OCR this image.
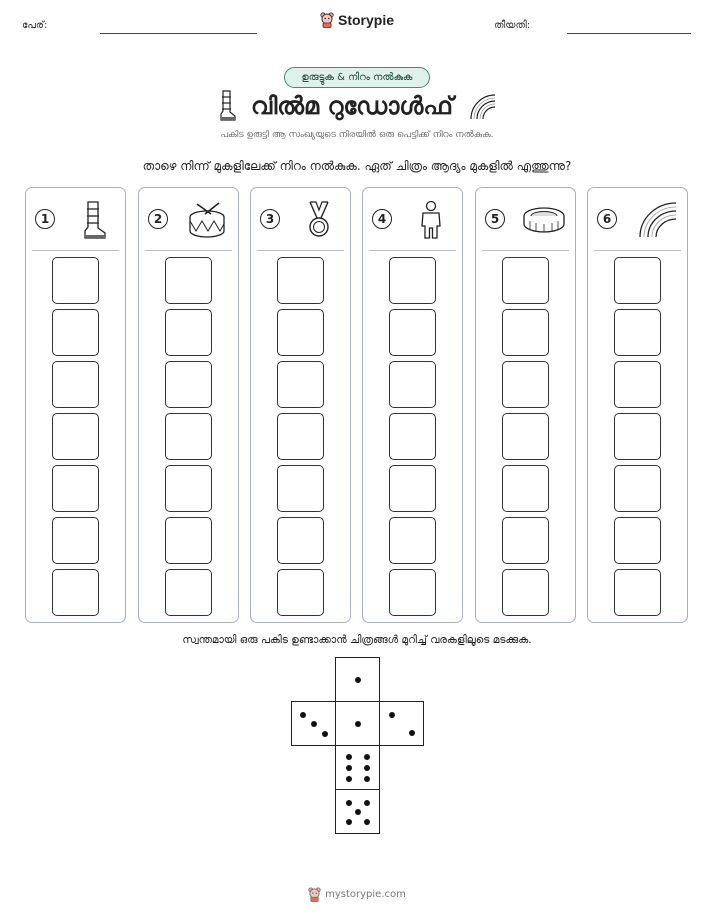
പേര്:	Storypie	തീയതി:
ഉരുട്ടുക & നിറം നൽകുക
വിൽമ റുഡോൾഫ്
പകിട ഉരുട്ടി ആ സംഖ്യയുടെ നിരയിൽ ഒരു പെട്ടിക്ക് നിറം നൽകുക.
താഴെ നിന്ന് മുകളിലേക്ക് നിറം നൽകുക. ഏത് ചിത്രം ആദ്യം മുകളിൽ എത്തുന്നു?
1	2	3	4	5	6
സ്വന്തമായി ഒരു പകിട ഉണ്ടാക്കാൻ ചിത്രങ്ങൾ മുറിച്ച് വരകളിലൂടെ മടക്കുക.
mystorypie.com
